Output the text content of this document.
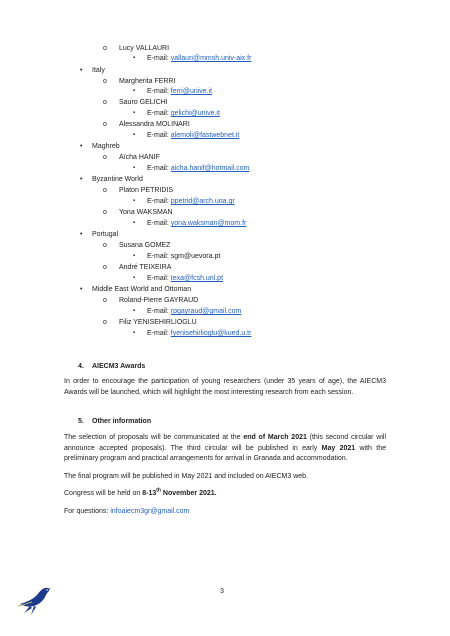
o Lucy VALLAURI
▪ E-mail: vallauri@mmsh.univ-aix.fr
• Italy
o Margherita FERRI
▪ E-mail: ferri@unive.it
o Sauro GELICHI
▪ E-mail: gelichi@unive.it
o Alessandra MOLINARI
▪ E-mail: alemoli@fastwebnet.it
• Maghreb
o Aïcha HANIF
▪ E-mail: aicha.hanif@hotmail.com
• Byzantine World
o Platon PETRIDIS
▪ E-mail: ppetrid@arch.uoa.gr
o Yona WAKSMAN
▪ E-mail: yona.waksman@mom.fr
• Portugal
o Susana GOMEZ
▪ E-mail: sgm@uevora.pt
o André TEIXEIRA
▪ E-mail: texa@fcsh.unl.pt
• Middle East World and Ottoman
o Roland-Pierre GAYRAUD
▪ E-mail: rpgayraud@gmail.com
o Filiz YENISEHIRLIOGLU
▪ E-mail: fyenisehirlioglu@kued.u.tr
4. AIECM3 Awards
In order to encourage the participation of young researchers (under 35 years of age), the AIECM3 Awards will be launched, which will highlight the most interesting research from each session.
5. Other information
The selection of proposals will be communicated at the end of March 2021 (this second circular will announce accepted proposals). The third circular will be published in early May 2021 with the preliminary program and practical arrangements for arrival in Granada and accommodation.
The final program will be published in May 2021 and included on AIECM3 web.
Congress will be held on 8-13th November 2021.
For questions: infoaiecm3gr@gmail.com
3
